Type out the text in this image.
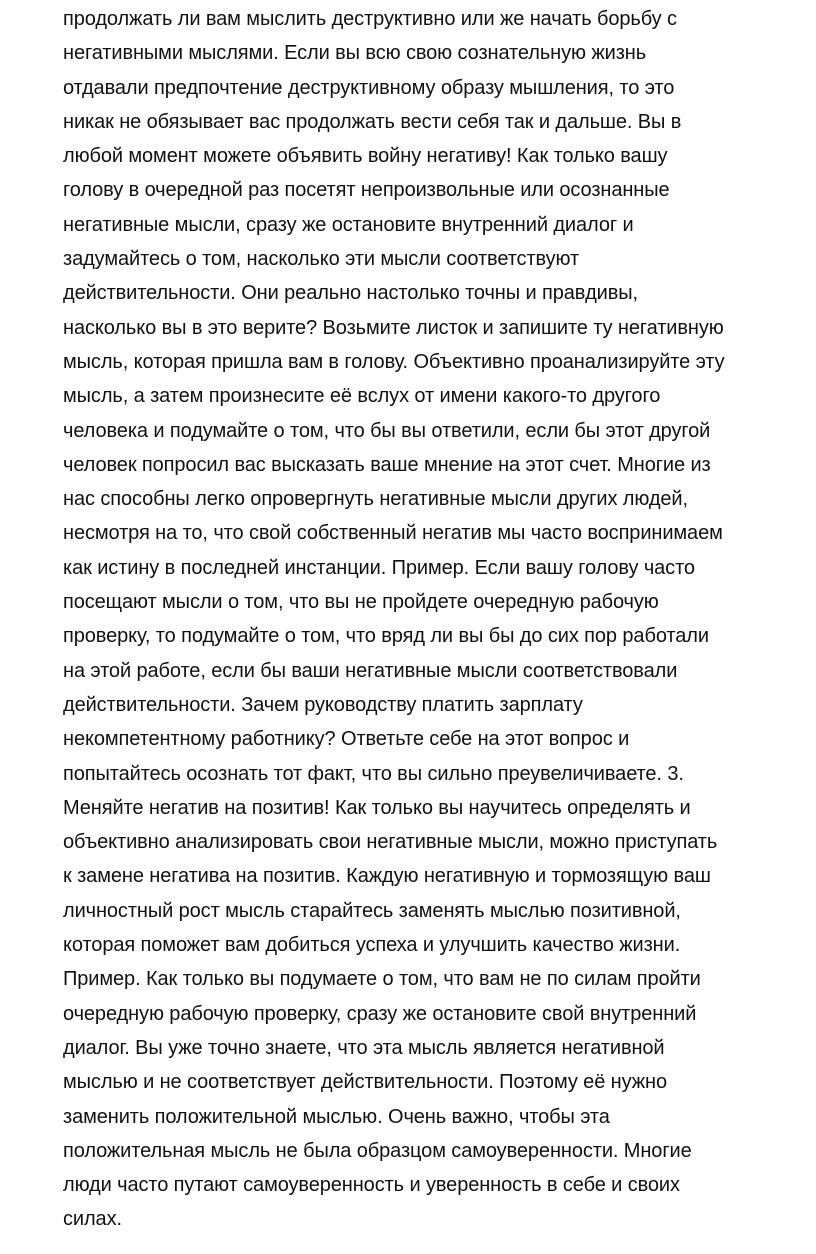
продолжать ли вам мыслить деструктивно или же начать борьбу с
негативными мыслями. Если вы всю свою сознательную жизнь
отдавали предпочтение деструктивному образу мышления, то это
никак не обязывает вас продолжать вести себя так и дальше. Вы в
любой момент можете объявить войну негативу! Как только вашу
голову в очередной раз посетят непроизвольные или осознанные
негативные мысли, сразу же остановите внутренний диалог и
задумайтесь о том, насколько эти мысли соответствуют
действительности. Они реально настолько точны и правдивы,
насколько вы в это верите? Возьмите листок и запишите ту негативную
мысль, которая пришла вам в голову. Объективно проанализируйте эту
мысль, а затем произнесите её вслух от имени какого-то другого
человека и подумайте о том, что бы вы ответили, если бы этот другой
человек попросил вас высказать ваше мнение на этот счет. Многие из
нас способны легко опровергнуть негативные мысли других людей,
несмотря на то, что свой собственный негатив мы часто воспринимаем
как истину в последней инстанции. Пример. Если вашу голову часто
посещают мысли о том, что вы не пройдете очередную рабочую
проверку, то подумайте о том, что вряд ли вы бы до сих пор работали
на этой работе, если бы ваши негативные мысли соответствовали
действительности. Зачем руководству платить зарплату
некомпетентному работнику? Ответьте себе на этот вопрос и
попытайтесь осознать тот факт, что вы сильно преувеличиваете. 3.
Меняйте негатив на позитив! Как только вы научитесь определять и
объективно анализировать свои негативные мысли, можно приступать
к замене негатива на позитив. Каждую негативную и тормозящую ваш
личностный рост мысль старайтесь заменять мыслью позитивной,
которая поможет вам добиться успеха и улучшить качество жизни.
Пример. Как только вы подумаете о том, что вам не по силам пройти
очередную рабочую проверку, сразу же остановите свой внутренний
диалог. Вы уже точно знаете, что эта мысль является негативной
мыслью и не соответствует действительности. Поэтому её нужно
заменить положительной мыслью. Очень важно, чтобы эта
положительная мысль не была образцом самоуверенности. Многие
люди часто путают самоуверенность и уверенность в себе и своих
силах.
